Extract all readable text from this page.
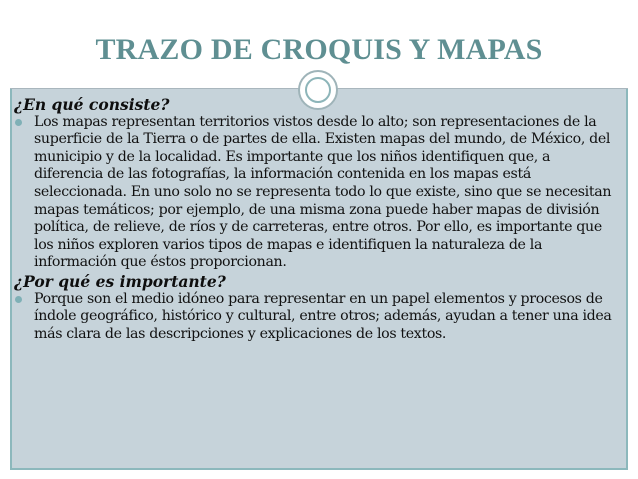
TRAZO DE CROQUIS Y MAPAS

¿En qué consiste?

Los mapas representan territorios vistos desde lo alto; son representaciones de la superficie de la Tierra o de partes de ella. Existen mapas del mundo, de México, del municipio y de la localidad. Es importante que los niños identifiquen que, a diferencia de las fotografías, la información contenida en los mapas está seleccionada. En uno solo no se representa todo lo que existe, sino que se necesitan mapas temáticos; por ejemplo, de una misma zona puede haber mapas de división política, de relieve, de ríos y de carreteras, entre otros. Por ello, es importante que los niños exploren varios tipos de mapas e identifiquen la naturaleza de la información que éstos proporcionan.

¿Por qué es importante?

Porque son el medio idóneo para representar en un papel elementos y procesos de índole geográfico, histórico y cultural, entre otros; además, ayudan a tener una idea más clara de las descripciones y explicaciones de los textos.
